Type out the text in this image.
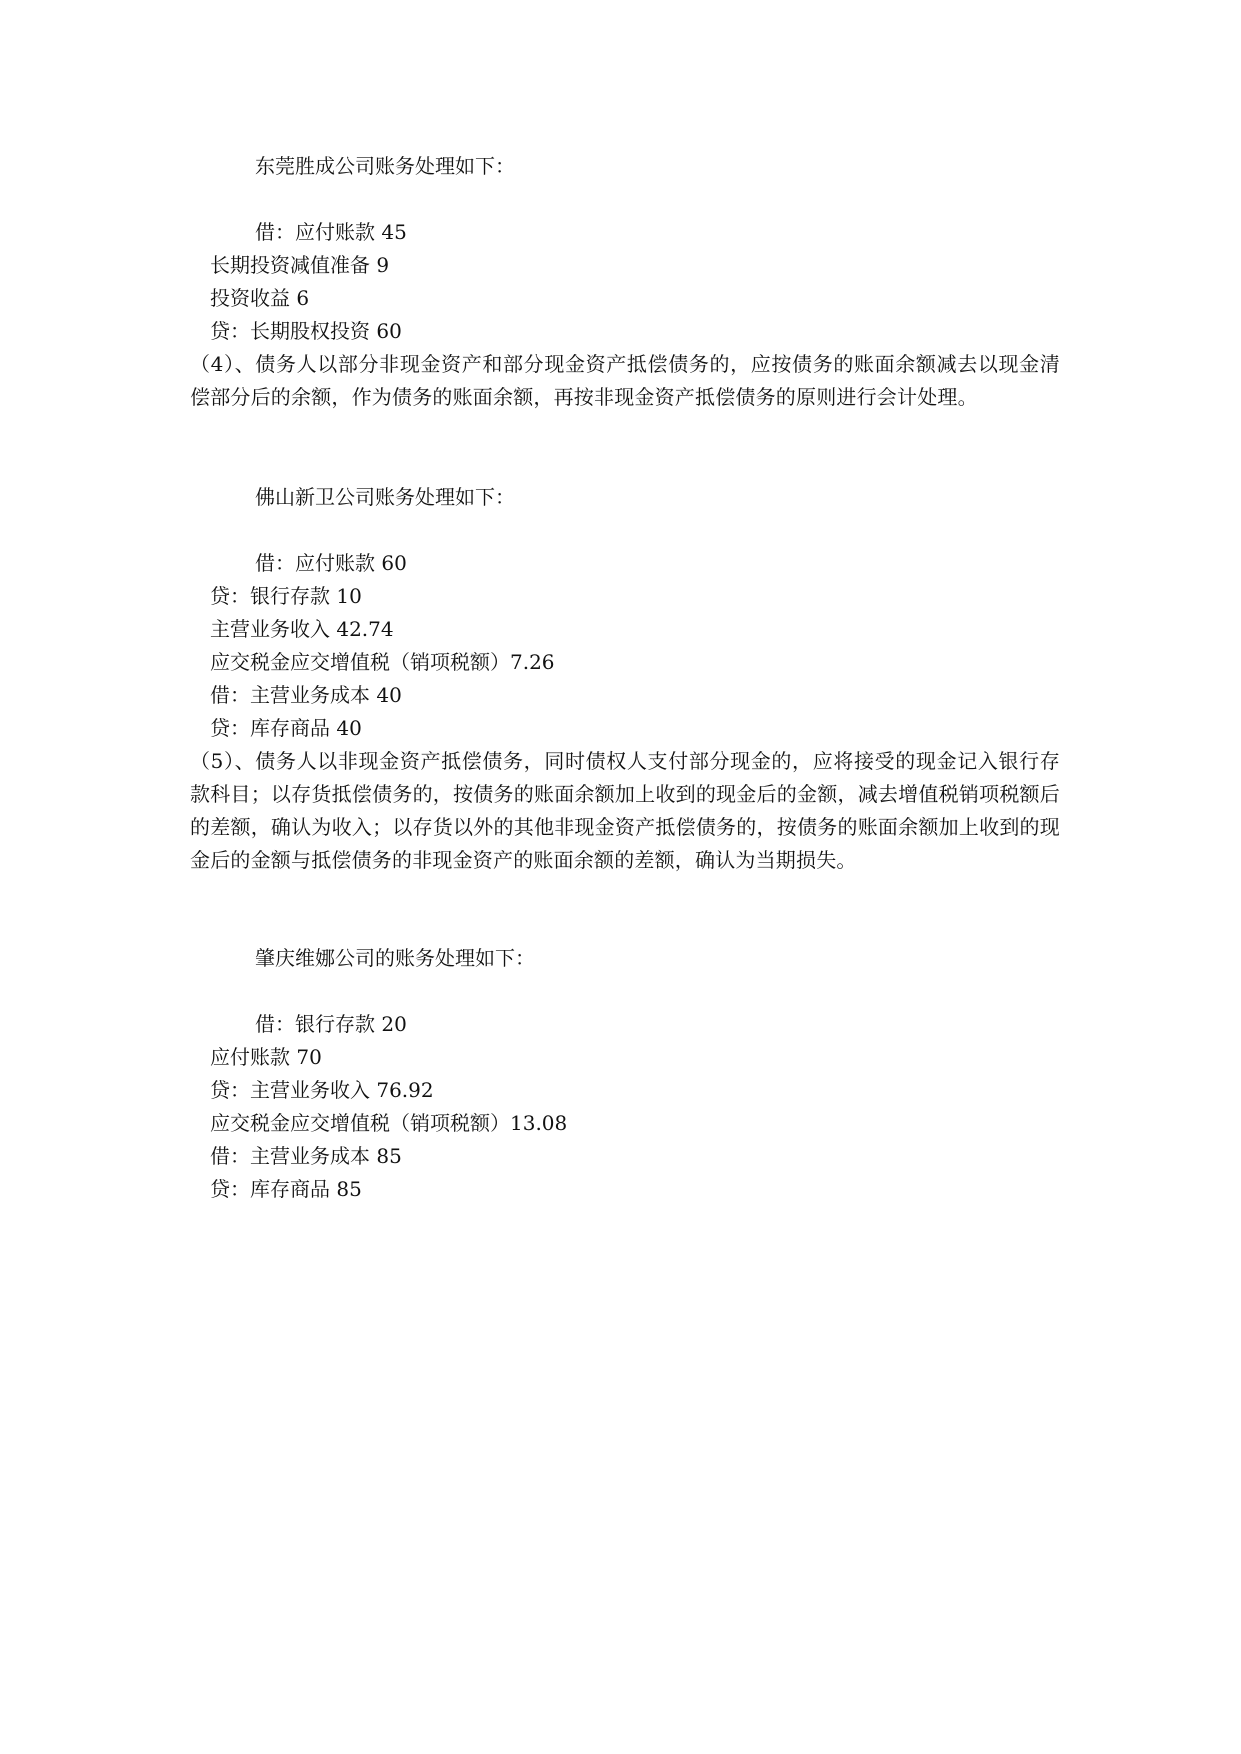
东莞胜成公司账务处理如下：
借：应付账款 45
长期投资减值准备 9
投资收益 6
贷：长期股权投资 60
（4）、债务人以部分非现金资产和部分现金资产抵偿债务的，应按债务的账面余额减去以现金清偿部分后的余额，作为债务的账面余额，再按非现金资产抵偿债务的原则进行会计处理。
佛山新卫公司账务处理如下：
借：应付账款 60
贷：银行存款 10
主营业务收入 42.74
应交税金应交增值税（销项税额）7.26
借：主营业务成本 40
贷：库存商品 40
（5）、债务人以非现金资产抵偿债务，同时债权人支付部分现金的，应将接受的现金记入银行存款科目；以存货抵偿债务的，按债务的账面余额加上收到的现金后的金额，减去增值税销项税额后的差额，确认为收入；以存货以外的其他非现金资产抵偿债务的，按债务的账面余额加上收到的现金后的金额与抵偿债务的非现金资产的账面余额的差额，确认为当期损失。
肇庆维娜公司的账务处理如下：
借：银行存款 20
应付账款 70
贷：主营业务收入 76.92
应交税金应交增值税（销项税额）13.08
借：主营业务成本 85
贷：库存商品 85
